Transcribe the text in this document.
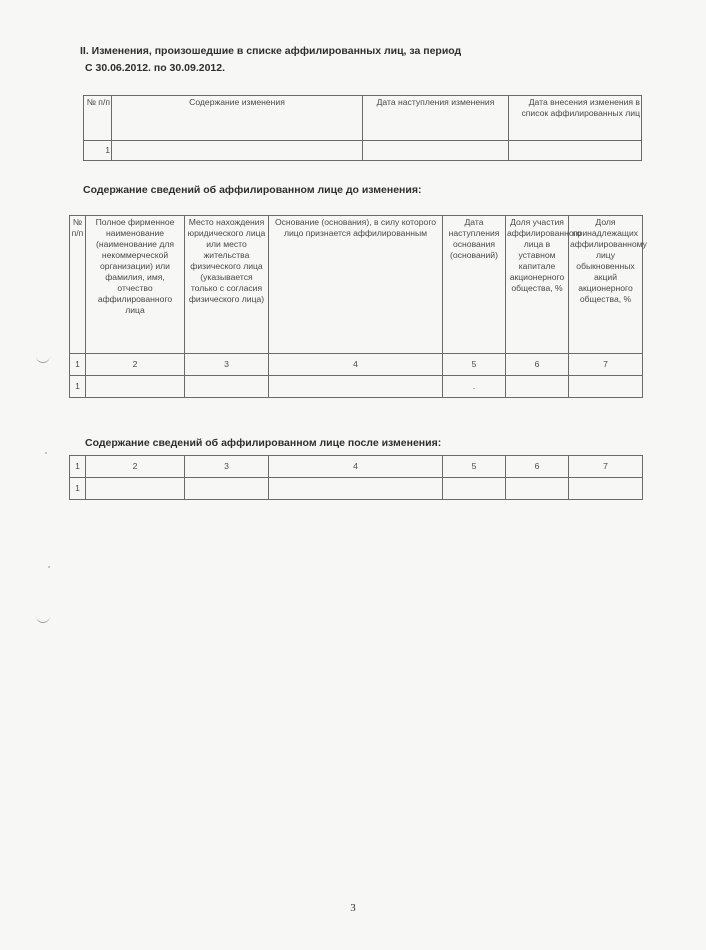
II. Изменения, произошедшие в списке аффилированных лиц, за период
С 30.06.2012. по 30.09.2012.
№ п/п	Содержание изменения	Дата наступления изменения	Дата внесения изменения в список аффилированных лиц
1			
Содержание сведений об аффилированном лице до изменения:
№ п/п	Полное фирменное наименование (наименование для некоммерческой организации) или фамилия, имя, отчество аффилированного лица	Место нахождения юридического лица или место жительства физического лица (указывается только с согласия физического лица)	Основание (основания), в силу которого лицо признается аффилированным	Дата наступления основания (оснований)	Доля участия аффилированного лица в уставном капитале акционерного общества, %	Доля принадлежащих аффилированному лицу обыкновенных акций акционерного общества, %
1	2	3	4	5	6	7
1				.		
Содержание сведений об аффилированном лице после изменения:
1	2	3	4	5	6	7
1						
3
